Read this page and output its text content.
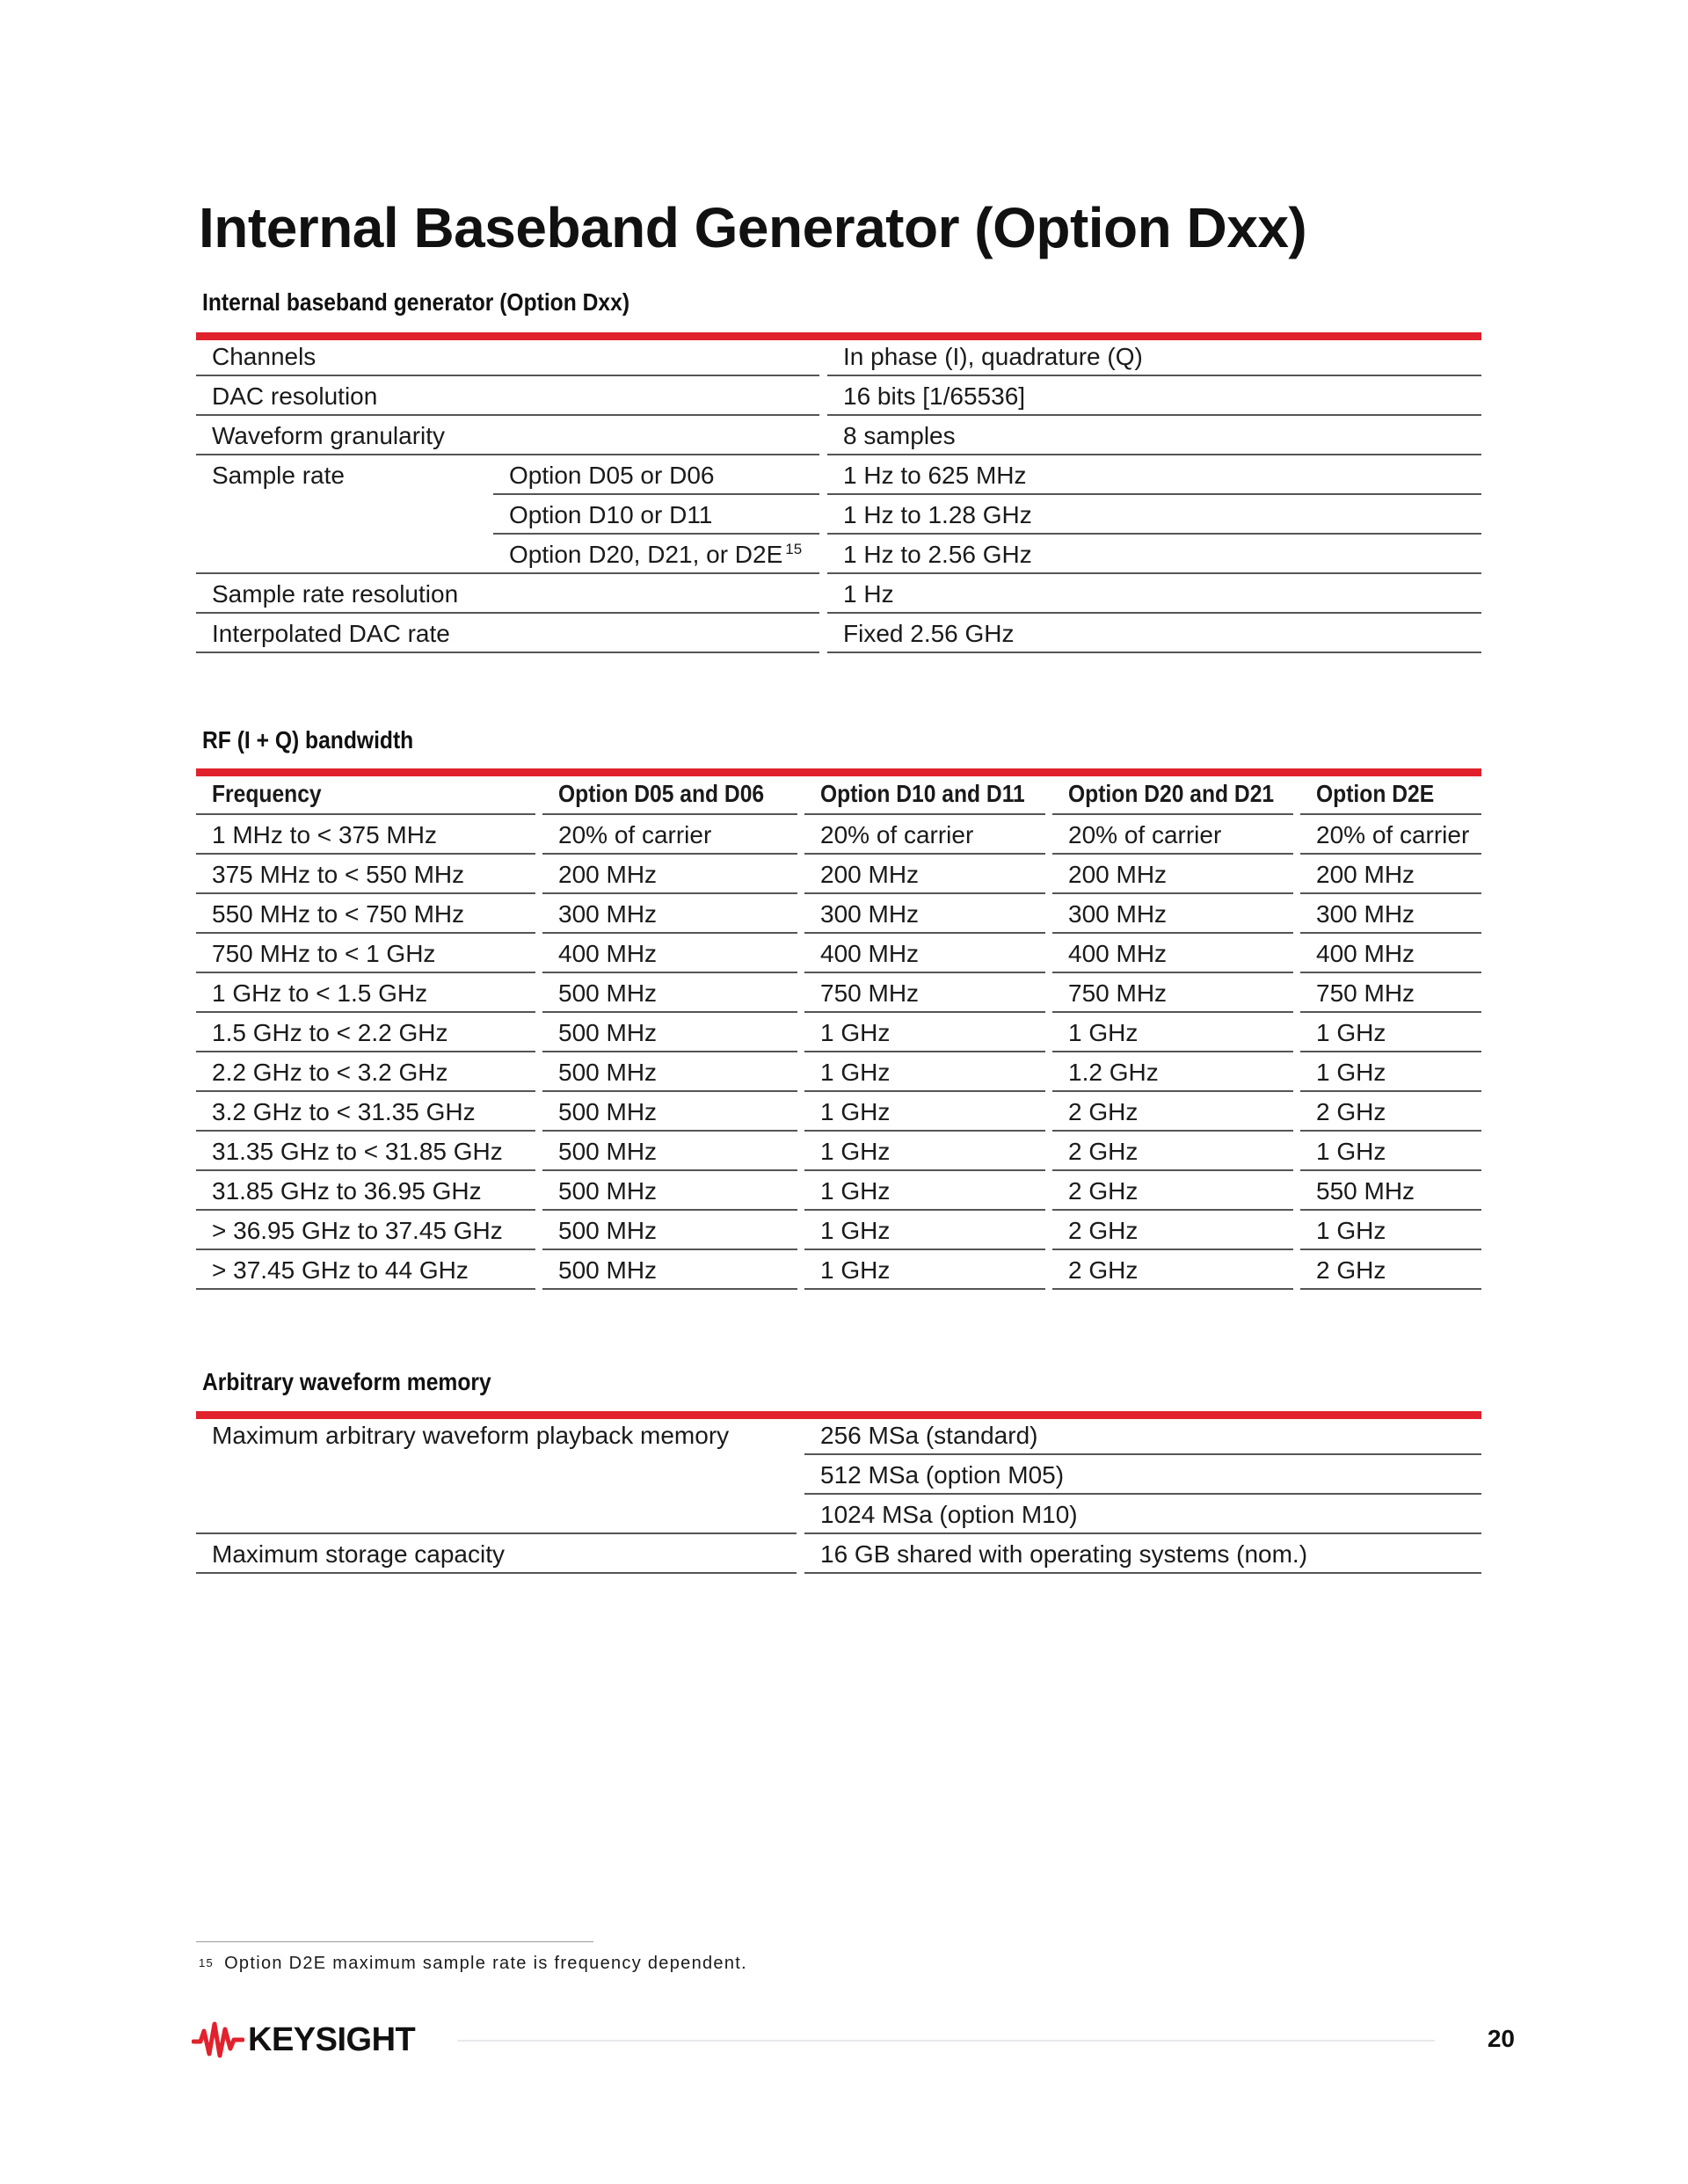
Internal Baseband Generator (Option Dxx)
Internal baseband generator (Option Dxx)
Channels	In phase (I), quadrature (Q)
DAC resolution	16 bits [1/65536]
Waveform granularity	8 samples
Sample rate	Option D05 or D06	1 Hz to 625 MHz
Option D10 or D11	1 Hz to 1.28 GHz
Option D20, D21, or D2E $^{15}$	1 Hz to 2.56 GHz
Sample rate resolution	1 Hz
Interpolated DAC rate	Fixed 2.56 GHz
RF (I + Q) bandwidth
Frequency	Option D05 and D06	Option D10 and D11	Option D20 and D21	Option D2E
1 MHz to < 375 MHz	20% of carrier	20% of carrier	20% of carrier	20% of carrier
375 MHz to < 550 MHz	200 MHz	200 MHz	200 MHz	200 MHz
550 MHz to < 750 MHz	300 MHz	300 MHz	300 MHz	300 MHz
750 MHz to < 1 GHz	400 MHz	400 MHz	400 MHz	400 MHz
1 GHz to < 1.5 GHz	500 MHz	750 MHz	750 MHz	750 MHz
1.5 GHz to < 2.2 GHz	500 MHz	1 GHz	1 GHz	1 GHz
2.2 GHz to < 3.2 GHz	500 MHz	1 GHz	1.2 GHz	1 GHz
3.2 GHz to < 31.35 GHz	500 MHz	1 GHz	2 GHz	2 GHz
31.35 GHz to < 31.85 GHz	500 MHz	1 GHz	2 GHz	1 GHz
31.85 GHz to 36.95 GHz	500 MHz	1 GHz	2 GHz	550 MHz
> 36.95 GHz to 37.45 GHz	500 MHz	1 GHz	2 GHz	1 GHz
> 37.45 GHz to 44 GHz	500 MHz	1 GHz	2 GHz	2 GHz
Arbitrary waveform memory
Maximum arbitrary waveform playback memory	256 MSa (standard)
512 MSa (option M05)
1024 MSa (option M10)
Maximum storage capacity	16 GB shared with operating systems (nom.)
$^{15}$ Option D2E maximum sample rate is frequency dependent.
KEYSIGHT	20
